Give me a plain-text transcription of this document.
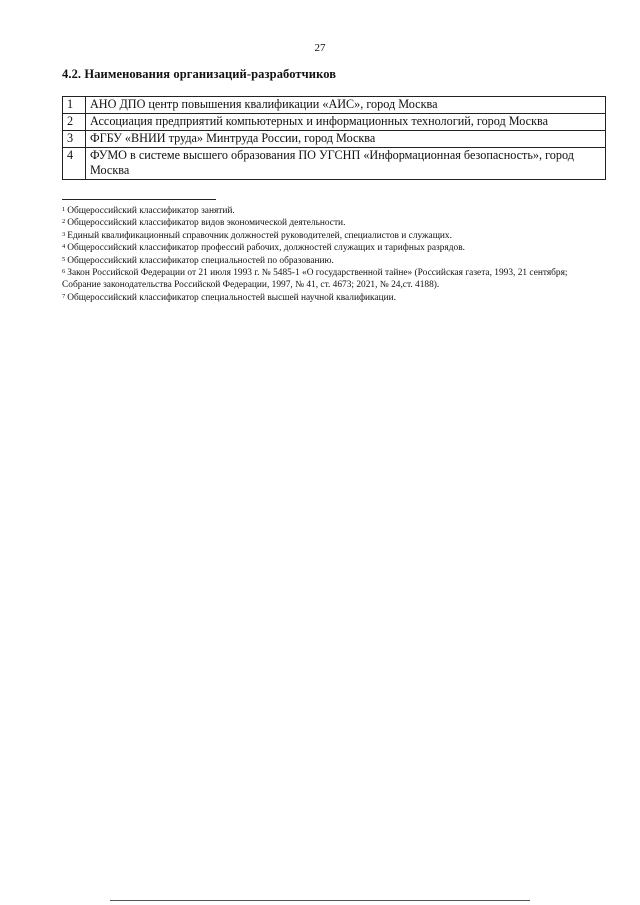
27
4.2. Наименования организаций-разработчиков
1	АНО ДПО центр повышения квалификации «АИС», город Москва
2	Ассоциация предприятий компьютерных и информационных технологий, город Москва
3	ФГБУ «ВНИИ труда» Минтруда России, город Москва
4	ФУМО в системе высшего образования ПО УГСНП «Информационная безопасность», город Москва

$^1$ Общероссийский классификатор занятий.

$^2$ Общероссийский классификатор видов экономической деятельности.

$^3$ Единый квалификационный справочник должностей руководителей, специалистов и служащих.

$^4$ Общероссийский классификатор профессий рабочих, должностей служащих и тарифных разрядов.

$^5$ Общероссийский классификатор специальностей по образованию.

$^6$ Закон Российской Федерации от 21 июля 1993 г. № 5485-1 «О государственной тайне» (Российская газета, 1993, 21 сентября; Собрание законодательства Российской Федерации, 1997, № 41, ст. 4673; 2021, № 24,ст. 4188).

$^7$ Общероссийский классификатор специальностей высшей научной квалификации.
